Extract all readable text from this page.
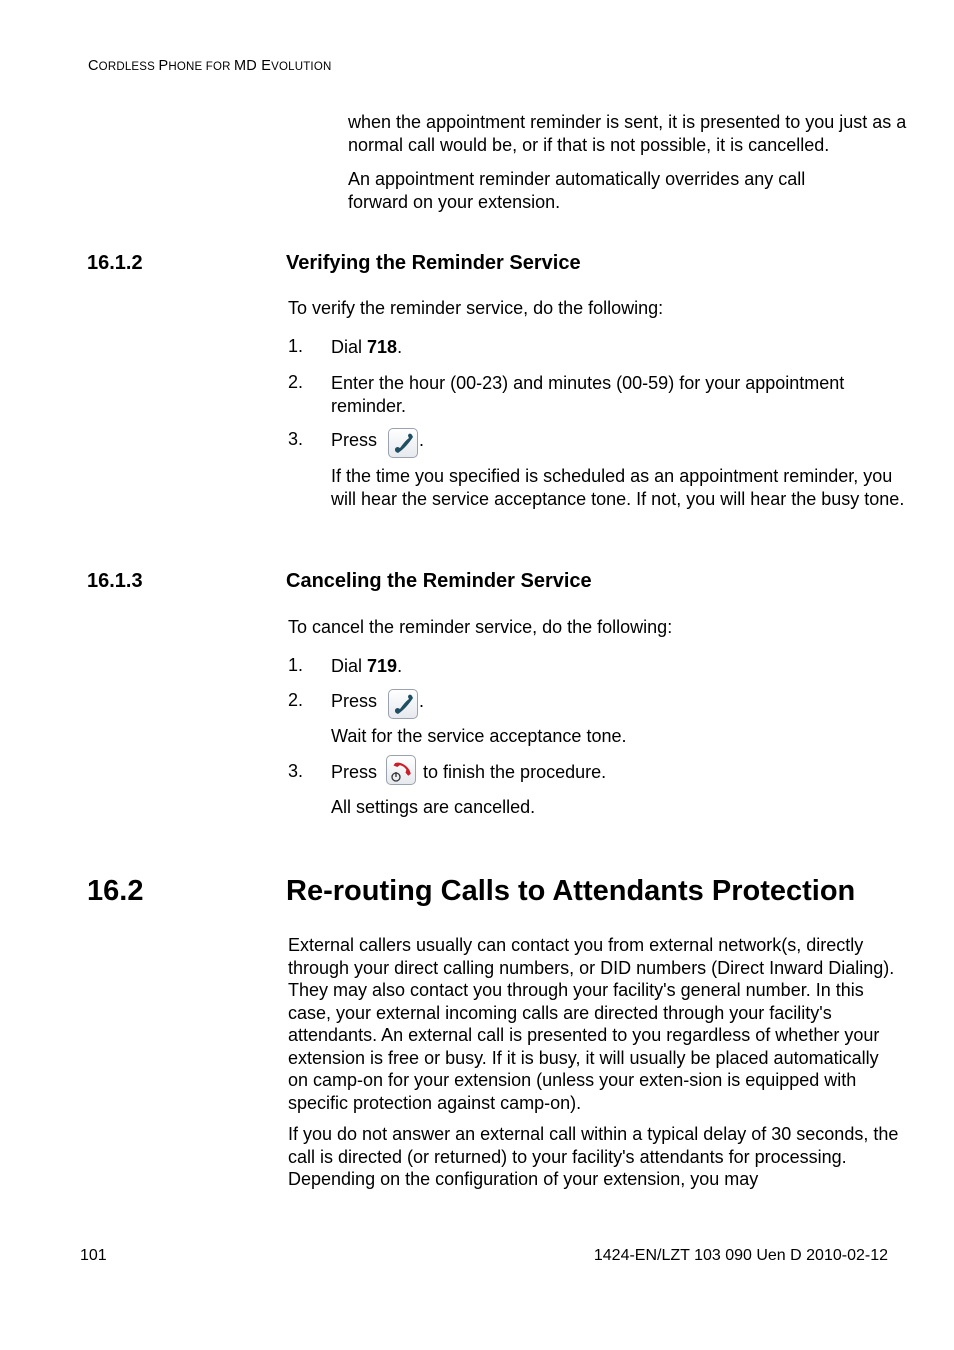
CORDLESS PHONE FOR MD EVOLUTION
when the appointment reminder is sent, it is presented to you just as a normal call would be, or if that is not possible, it is cancelled.
An appointment reminder automatically overrides any call forward on your extension.
16.1.2	Verifying the Reminder Service
To verify the reminder service, do the following:
1. Dial 718.
2. Enter the hour (00-23) and minutes (00-59) for your appointment reminder.
3. Press .
If the time you specified is scheduled as an appointment reminder, you will hear the service acceptance tone. If not, you will hear the busy tone.
16.1.3	Canceling the Reminder Service
To cancel the reminder service, do the following:
1. Dial 719.
2. Press .
Wait for the service acceptance tone.
3. Press	to finish the procedure.
All settings are cancelled.
16.2	Re-routing Calls to Attendants Protection
External callers usually can contact you from external network(s, directly through your direct calling numbers, or DID numbers (Direct Inward Dialing). They may also contact you through your facility's general number. In this case, your external incoming calls are directed through your facility's attendants. An external call is presented to you regardless of whether your extension is free or busy. If it is busy, it will usually be placed automatically on camp-on for your extension (unless your exten-sion is equipped with specific protection against camp-on).
If you do not answer an external call within a typical delay of 30 seconds, the call is directed (or returned) to your facility's attendants for processing. Depending on the configuration of your extension, you may
101	1424-EN/LZT 103 090 Uen D 2010-02-12
